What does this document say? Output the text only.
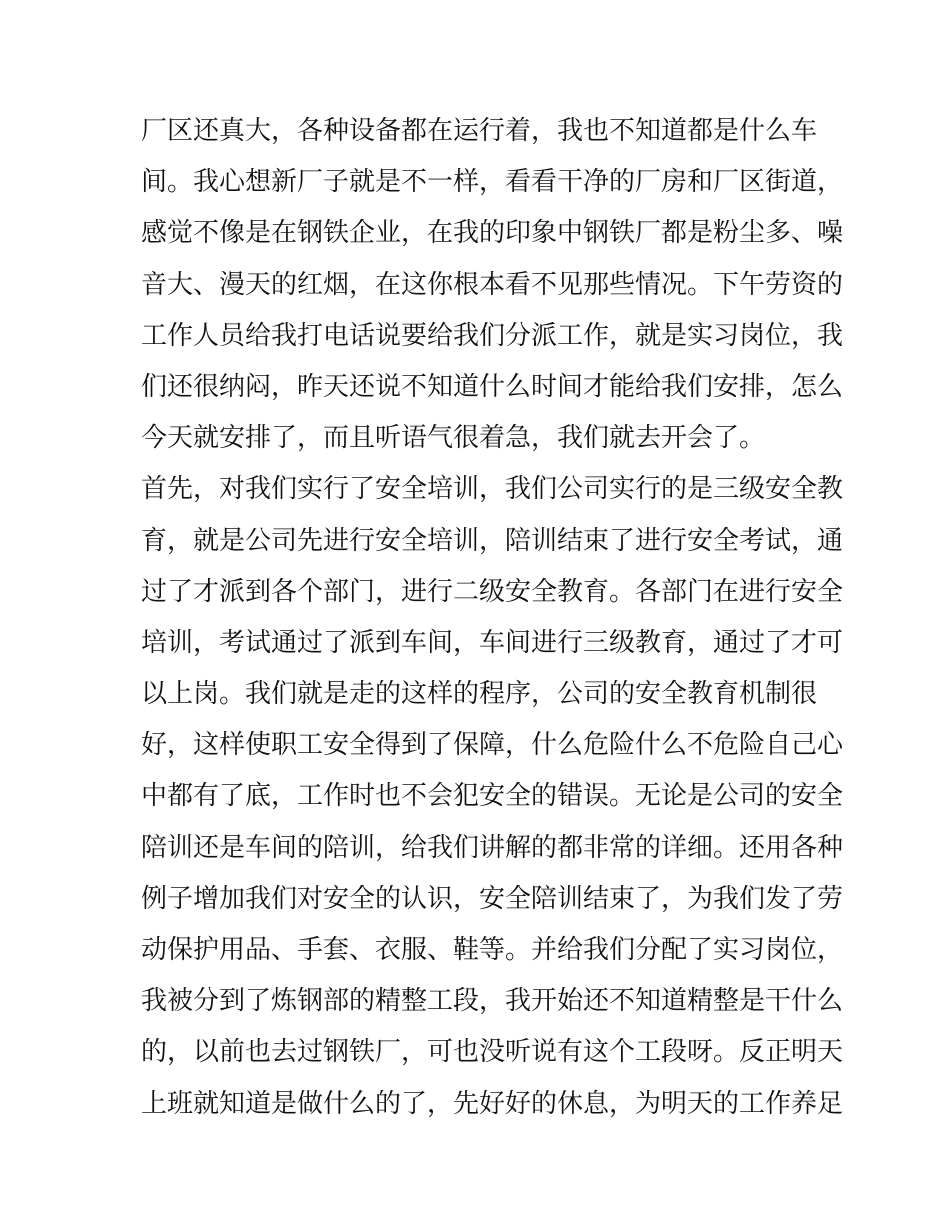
厂区还真大，各种设备都在运行着，我也不知道都是什么车
间。我心想新厂子就是不一样，看看干净的厂房和厂区街道，
感觉不像是在钢铁企业，在我的印象中钢铁厂都是粉尘多、噪
音大、漫天的红烟，在这你根本看不见那些情况。下午劳资的
工作人员给我打电话说要给我们分派工作，就是实习岗位，我
们还很纳闷，昨天还说不知道什么时间才能给我们安排，怎么
今天就安排了，而且听语气很着急，我们就去开会了。
首先，对我们实行了安全培训，我们公司实行的是三级安全教
育，就是公司先进行安全培训，陪训结束了进行安全考试，通
过了才派到各个部门，进行二级安全教育。各部门在进行安全
培训，考试通过了派到车间，车间进行三级教育，通过了才可
以上岗。我们就是走的这样的程序，公司的安全教育机制很
好，这样使职工安全得到了保障，什么危险什么不危险自己心
中都有了底，工作时也不会犯安全的错误。无论是公司的安全
陪训还是车间的陪训，给我们讲解的都非常的详细。还用各种
例子增加我们对安全的认识，安全陪训结束了，为我们发了劳
动保护用品、手套、衣服、鞋等。并给我们分配了实习岗位，
我被分到了炼钢部的精整工段，我开始还不知道精整是干什么
的，以前也去过钢铁厂，可也没听说有这个工段呀。反正明天
上班就知道是做什么的了，先好好的休息，为明天的工作养足
